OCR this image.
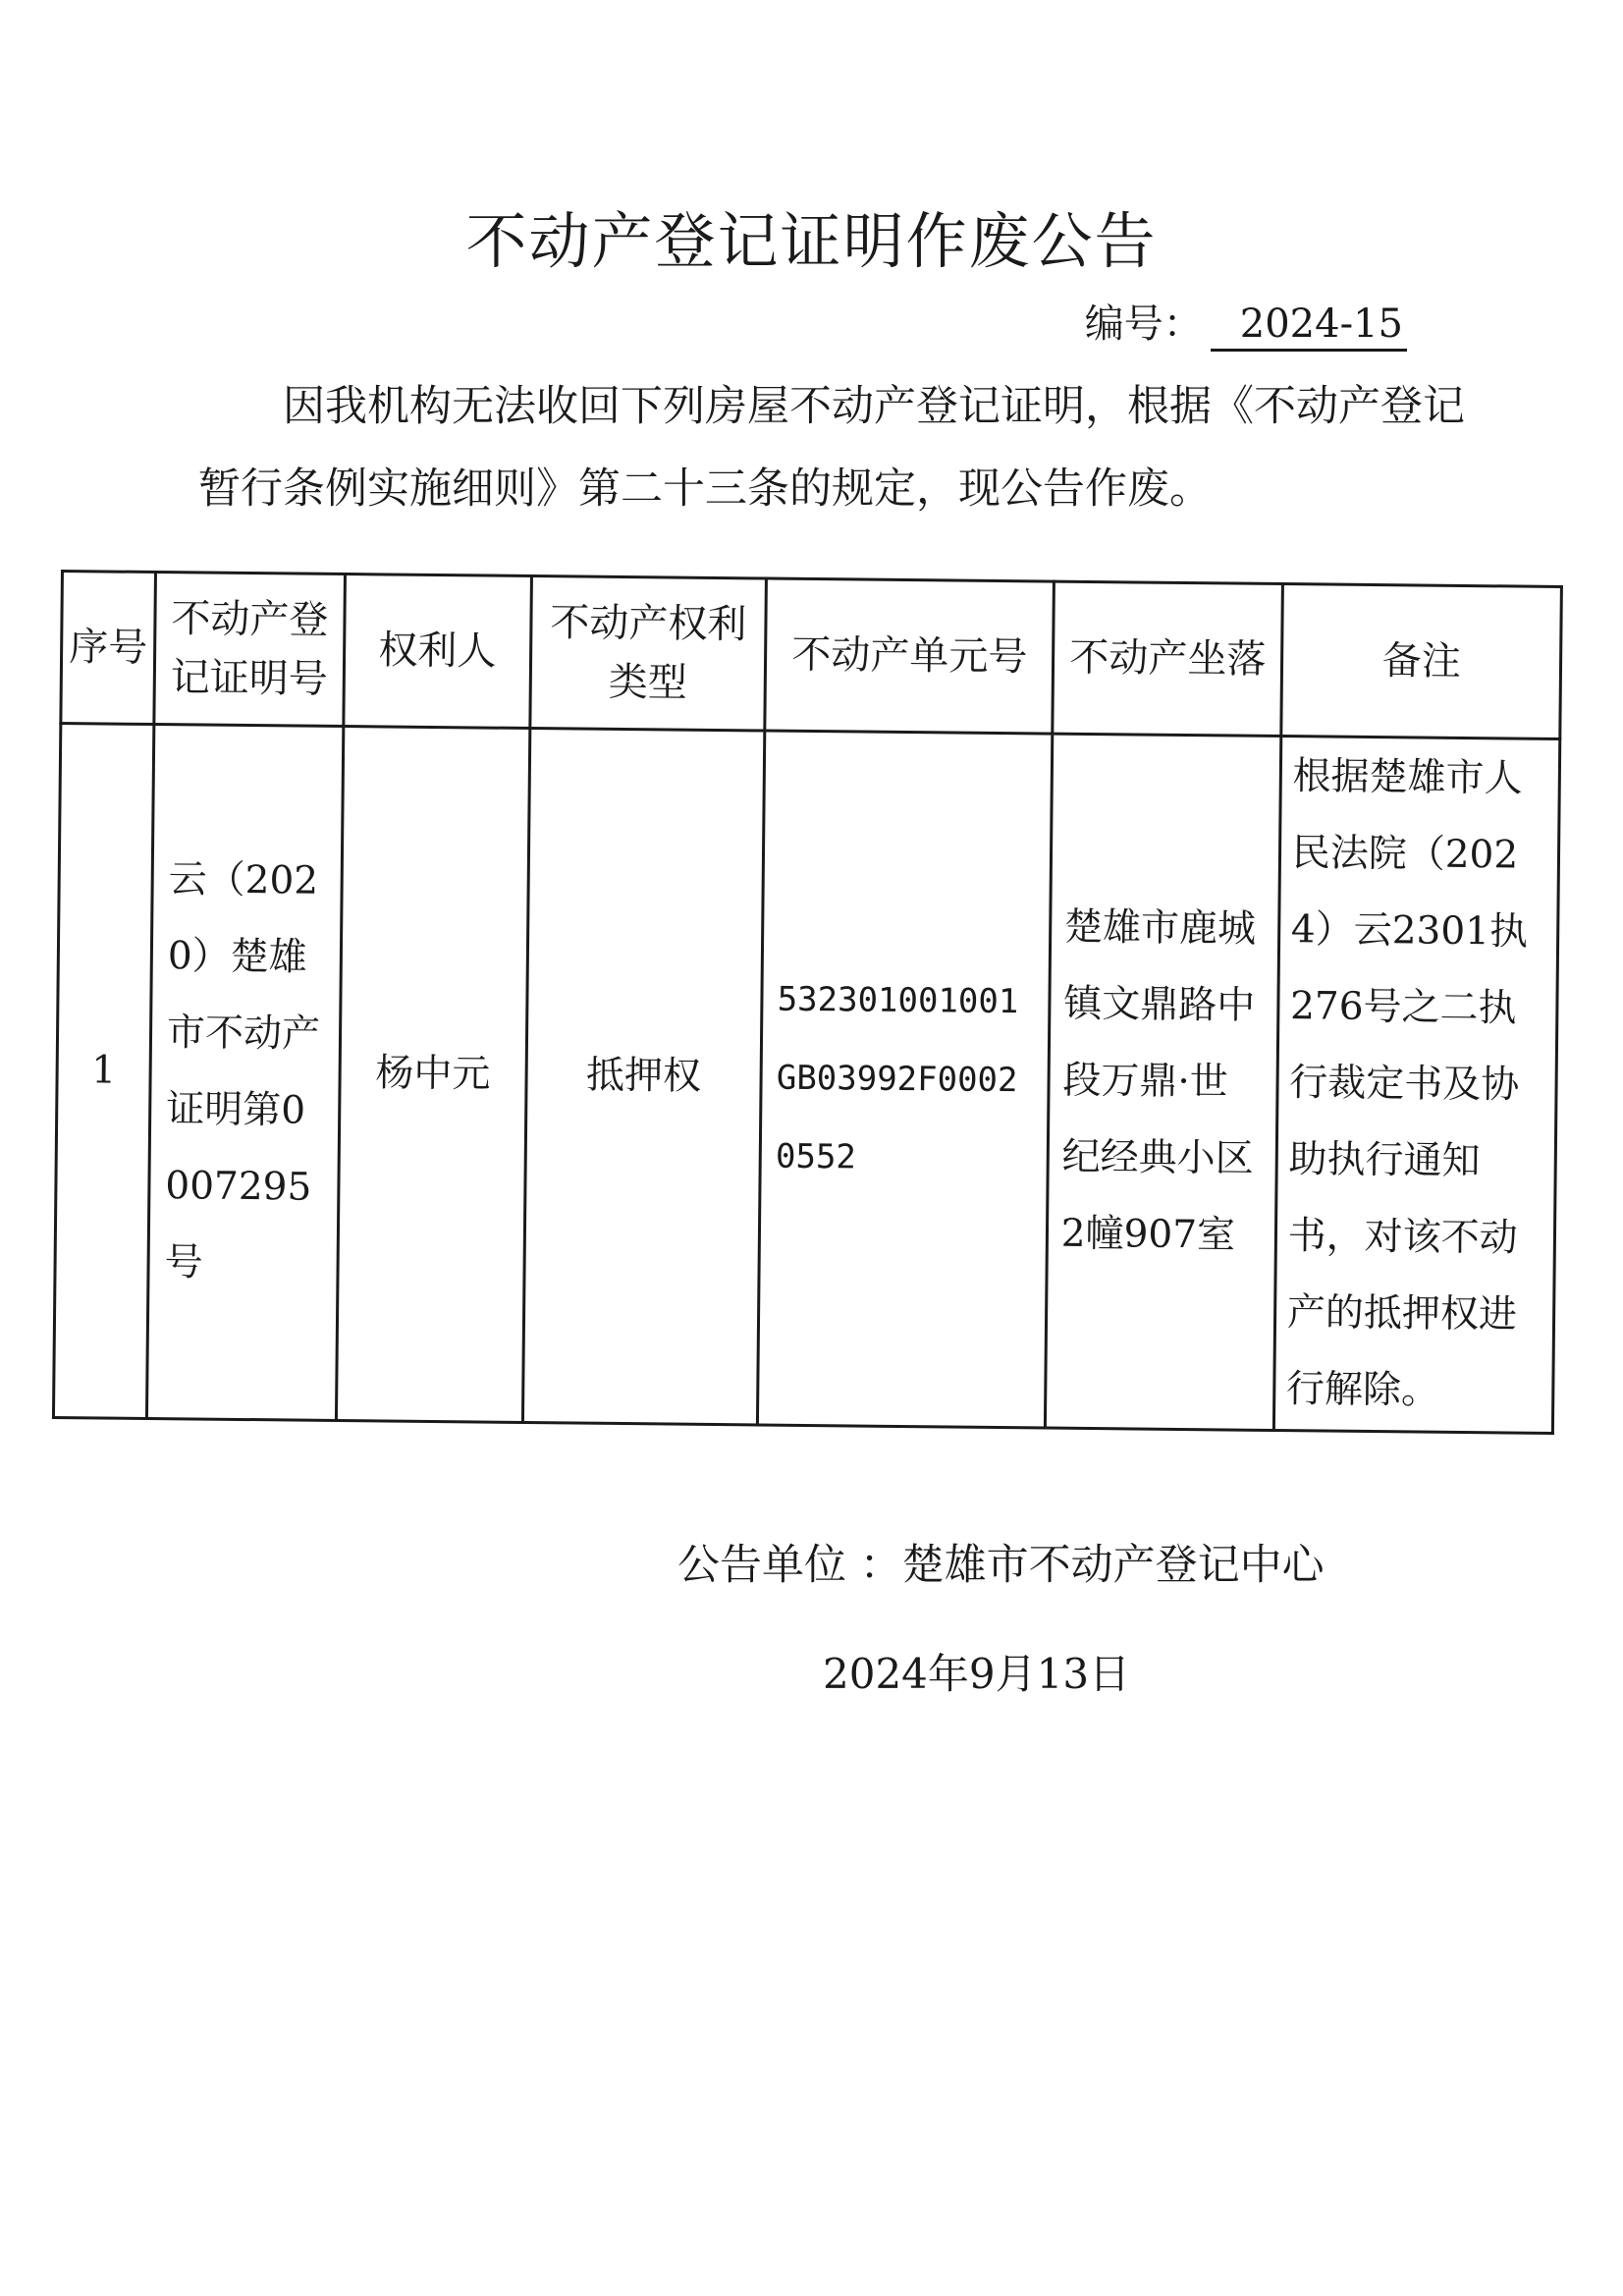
不动产登记证明作废公告
编号： 2024-15
因我机构无法收回下列房屋不动产登记证明，根据《不动产登记暂行条例实施细则》第二十三条的规定，现公告作废。
序号	不动产登记证明号	权利人	不动产权利类型	不动产单元号	不动产坐落	备注
1	云（2020）楚雄市不动产证明第0007295号	杨中元	抵押权	532301001001GB03992F00020552	楚雄市鹿城镇文鼎路中段万鼎·世纪经典小区2幢907室	根据楚雄市人民法院（2024）云2301执276号之二执行裁定书及协助执行通知书，对该不动产的抵押权进行解除。
公告单位 ：楚雄市不动产登记中心
2024年9月13日
